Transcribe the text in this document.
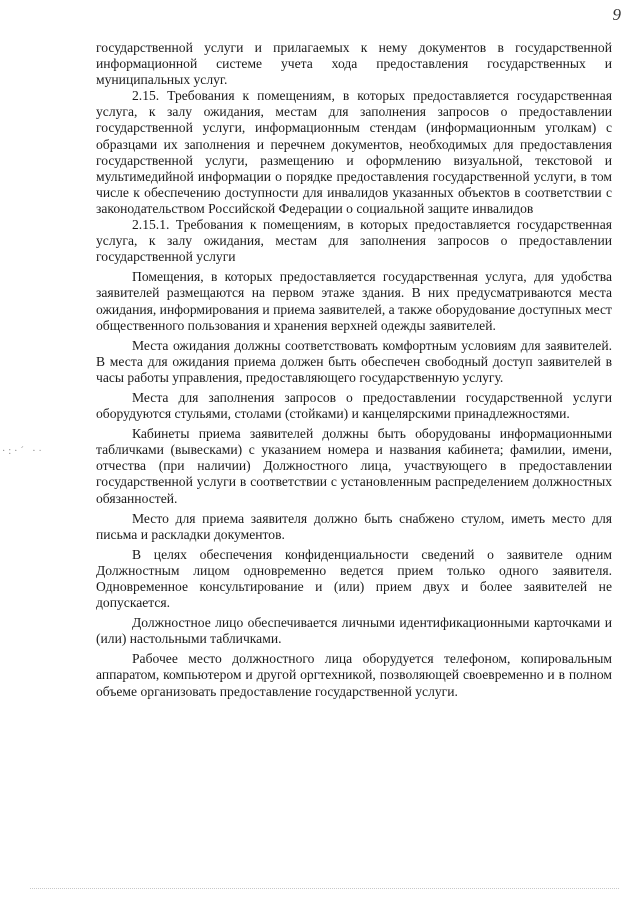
9
·:·´ ·ᐧ

государственной услуги и прилагаемых к нему документов в государственной информационной системе учета хода предоставления государственных и муниципальных услуг.

2.15. Требования к помещениям, в которых предоставляется государственная услуга, к залу ожидания, местам для заполнения запросов о предоставлении государственной услуги, информационным стендам (информационным уголкам) с образцами их заполнения и перечнем документов, необходимых для предоставления государственной услуги, размещению и оформлению визуальной, текстовой и мультимедийной информации о порядке предоставления государственной услуги, в том числе к обеспечению доступности для инвалидов указанных объектов в соответствии с законодательством Российской Федерации о социальной защите инвалидов

2.15.1. Требования к помещениям, в которых предоставляется государственная услуга, к залу ожидания, местам для заполнения запросов о предоставлении государственной услуги

Помещения, в которых предоставляется государственная услуга, для удобства заявителей размещаются на первом этаже здания. В них предусматриваются места ожидания, информирования и приема заявителей, а также оборудование доступных мест общественного пользования и хранения верхней одежды заявителей.

Места ожидания должны соответствовать комфортным условиям для заявителей. В места для ожидания приема должен быть обеспечен свободный доступ заявителей в часы работы управления, предоставляющего государственную услугу.

Места для заполнения запросов о предоставлении государственной услуги оборудуются стульями, столами (стойками) и канцелярскими принадлежностями.

Кабинеты приема заявителей должны быть оборудованы информационными табличками (вывесками) с указанием номера и названия кабинета; фамилии, имени, отчества (при наличии) Должностного лица, участвующего в предоставлении государственной услуги в соответствии с установленным распределением должностных обязанностей.

Место для приема заявителя должно быть снабжено стулом, иметь место для письма и раскладки документов.

В целях обеспечения конфиденциальности сведений о заявителе одним Должностным лицом одновременно ведется прием только одного заявителя. Одновременное консультирование и (или) прием двух и более заявителей не допускается.

Должностное лицо обеспечивается личными идентификационными карточками и (или) настольными табличками.

Рабочее место должностного лица оборудуется телефоном, копировальным аппаратом, компьютером и другой оргтехникой, позволяющей своевременно и в полном объеме организовать предоставление государственной услуги.
